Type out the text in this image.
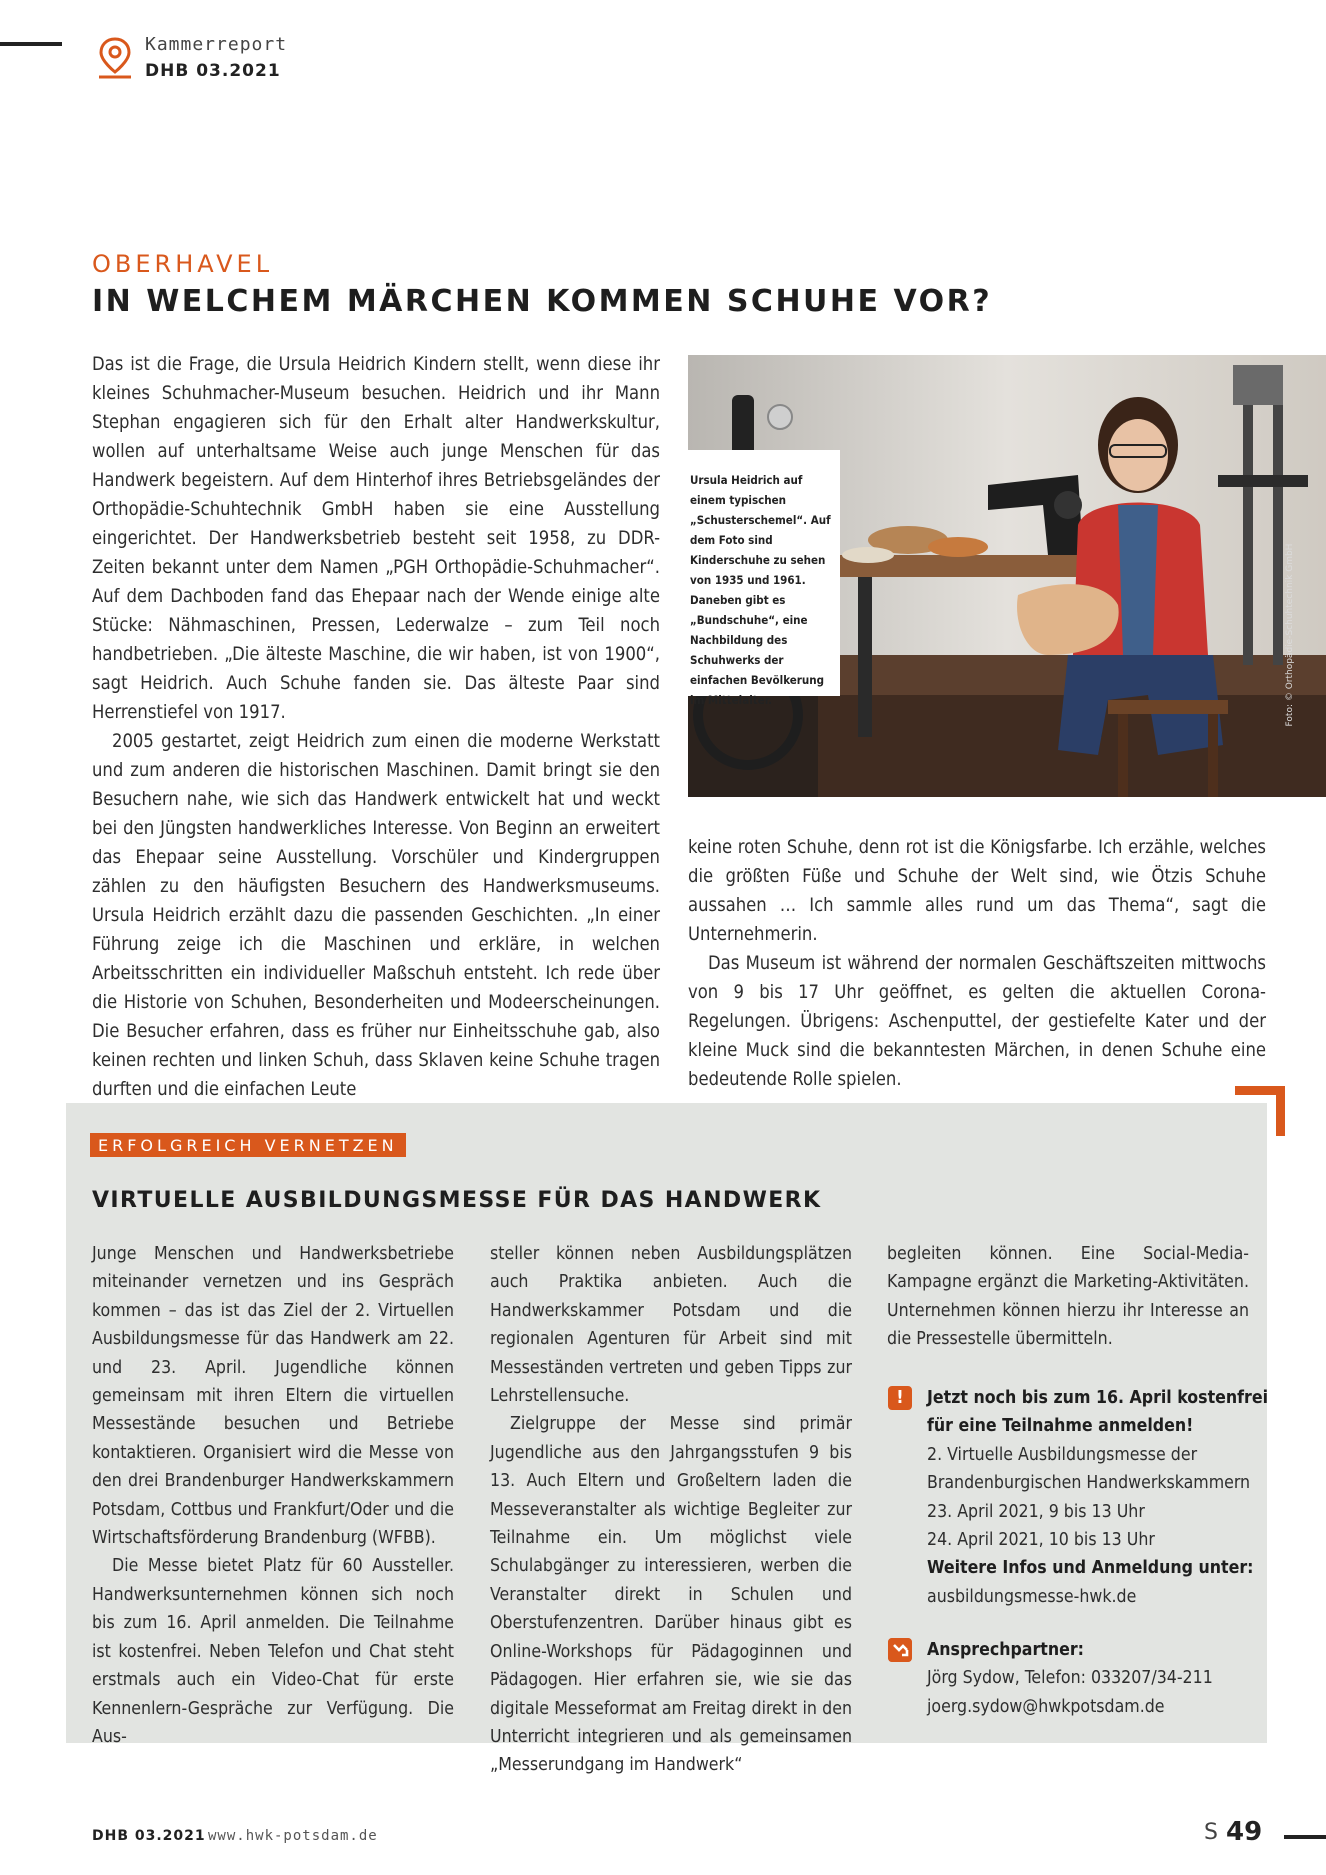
Kammerreport
DHB 03.2021
OBERHAVEL
IN WELCHEM MÄRCHEN KOMMEN SCHUHE VOR?

Das ist die Frage, die Ursula Heidrich Kindern stellt, wenn diese ihr kleines Schuhmacher-Museum besuchen. Heidrich und ihr Mann Stephan engagieren sich für den Erhalt alter Handwerkskultur, wollen auf unterhaltsame Weise auch junge Menschen für das Handwerk begeistern. Auf dem Hinterhof ihres Betriebsgeländes der Orthopädie-Schuhtechnik GmbH haben sie eine Ausstellung eingerichtet. Der Handwerksbetrieb besteht seit 1958, zu DDR-Zeiten bekannt unter dem Namen „PGH Orthopädie-Schuhmacher“. Auf dem Dachboden fand das Ehepaar nach der Wende einige alte Stücke: Nähmaschinen, Pressen, Lederwalze – zum Teil noch handbetrieben. „Die älteste Maschine, die wir haben, ist von 1900“, sagt Heidrich. Auch Schuhe fanden sie. Das älteste Paar sind Herrenstiefel von 1917.

2005 gestartet, zeigt Heidrich zum einen die moderne Werkstatt und zum anderen die historischen Maschinen. Damit bringt sie den Besuchern nahe, wie sich das Handwerk entwickelt hat und weckt bei den Jüngsten handwerkliches Interesse. Von Beginn an erweitert das Ehepaar seine Ausstellung. Vorschüler und Kindergruppen zählen zu den häufigsten Besuchern des Handwerksmuseums. Ursula Heidrich erzählt dazu die passenden Geschichten. „In einer Führung zeige ich die Maschinen und erkläre, in welchen Arbeitsschritten ein individueller Maßschuh entsteht. Ich rede über die Historie von Schuhen, Besonderheiten und Modeerscheinungen. Die Besucher erfahren, dass es früher nur Einheitsschuhe gab, also keinen rechten und linken Schuh, dass Sklaven keine Schuhe tragen durften und die einfachen Leute

Ursula Heidrich auf einem typischen „Schusterschemel“. Auf dem Foto sind Kinderschuhe zu sehen von 1935 und 1961. Daneben gibt es „Bundschuhe“, eine Nachbildung des Schuhwerks der einfachen Bevölkerung im Mittelalter.	Foto: © Orthopädie-Schuhtechnik GmbH

keine roten Schuhe, denn rot ist die Königsfarbe. Ich erzähle, welches die größten Füße und Schuhe der Welt sind, wie Ötzis Schuhe aussahen … Ich sammle alles rund um das Thema“, sagt die Unternehmerin.

Das Museum ist während der normalen Geschäftszeiten mittwochs von 9 bis 17 Uhr geöffnet, es gelten die aktuellen Corona-Regelungen. Übrigens: Aschenputtel, der gestiefelte Kater und der kleine Muck sind die bekanntesten Märchen, in denen Schuhe eine bedeutende Rolle spielen.

ERFOLGREICH VERNETZEN
VIRTUELLE AUSBILDUNGSMESSE FÜR DAS HANDWERK

Junge Menschen und Handwerksbetriebe miteinander vernetzen und ins Gespräch kommen – das ist das Ziel der 2. Virtuellen Ausbildungsmesse für das Handwerk am 22. und 23. April. Jugendliche können gemeinsam mit ihren Eltern die virtuellen Messestände besuchen und Betriebe kontaktieren. Organisiert wird die Messe von den drei Brandenburger Handwerkskammern Potsdam, Cottbus und Frankfurt/Oder und die Wirtschaftsförderung Brandenburg (WFBB).

Die Messe bietet Platz für 60 Aussteller. Handwerksunternehmen können sich noch bis zum 16. April anmelden. Die Teilnahme ist kostenfrei. Neben Telefon und Chat steht erstmals auch ein Video-Chat für erste Kennenlern-Gespräche zur Verfügung. Die Aus-

steller können neben Ausbildungsplätzen auch Praktika anbieten. Auch die Handwerkskammer Potsdam und die regionalen Agenturen für Arbeit sind mit Messeständen vertreten und geben Tipps zur Lehrstellensuche.

Zielgruppe der Messe sind primär Jugendliche aus den Jahrgangsstufen 9 bis 13. Auch Eltern und Großeltern laden die Messeveranstalter als wichtige Begleiter zur Teilnahme ein. Um möglichst viele Schulabgänger zu interessieren, werben die Veranstalter direkt in Schulen und Oberstufenzentren. Darüber hinaus gibt es Online-Workshops für Pädagoginnen und Pädagogen. Hier erfahren sie, wie sie das digitale Messeformat am Freitag direkt in den Unterricht integrieren und als gemeinsamen „Messerundgang im Handwerk“

begleiten können. Eine Social-Media-Kampagne ergänzt die Marketing-Aktivitäten. Unternehmen können hierzu ihr Interesse an die Pressestelle übermitteln.

!	Jetzt noch bis zum 16. April kostenfrei
für eine Teilnahme anmelden!
2. Virtuelle Ausbildungsmesse der
Brandenburgischen Handwerkskammern
23. April 2021, 9 bis 13 Uhr
24. April 2021, 10 bis 13 Uhr
Weitere Infos und Anmeldung unter:
ausbildungsmesse-hwk.de
Ansprechpartner:
Jörg Sydow, Telefon: 033207/34-211
joerg.sydow@hwkpotsdam.de
DHB 03.2021 www.hwk-potsdam.de	S 49
